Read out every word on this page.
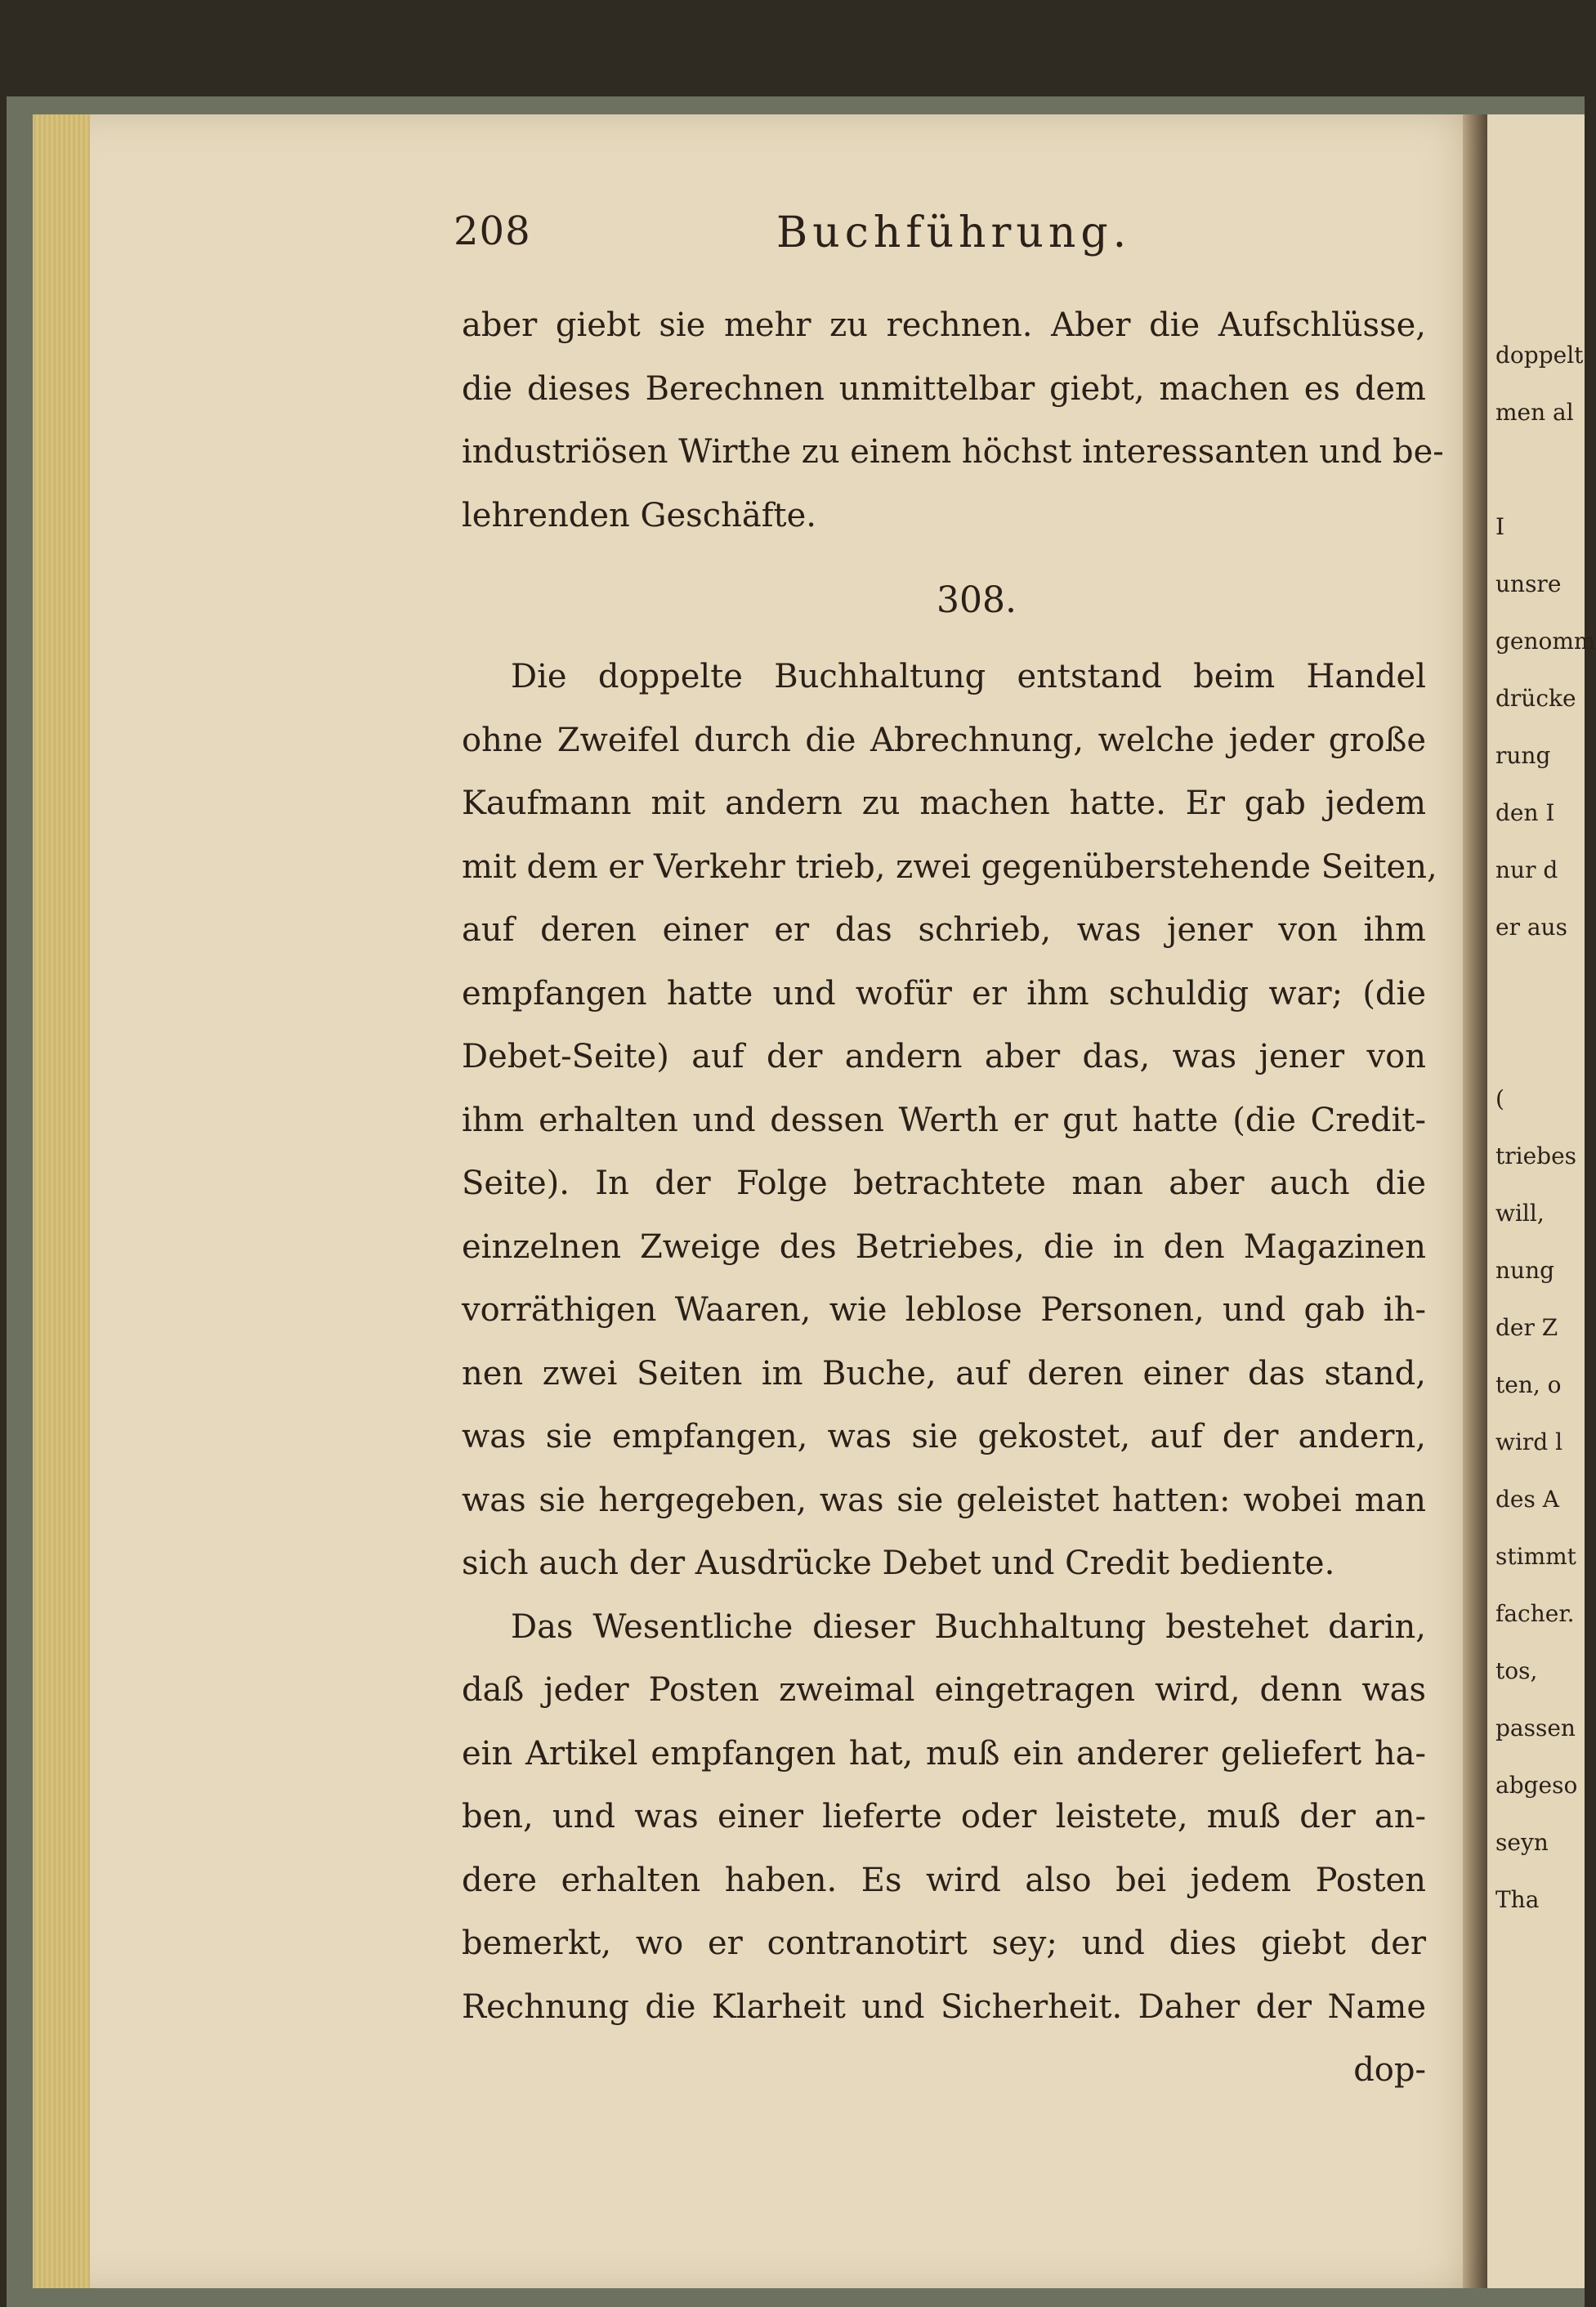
doppelt
men al
I
unsre
genomm
drücke
rung
den I
nur d
er aus
(
triebes
will,
nung
der Z
ten, o
wird l
des A
stimmt
facher.
tos,
passen
abgeso
seyn
Tha
208	Buchführung.
aber giebt sie mehr zu rechnen. Aber die Aufschlüsse,
die dieses Berechnen unmittelbar giebt, machen es dem
industriösen Wirthe zu einem höchst interessanten und be-
lehrenden Geschäfte.
308.
Die doppelte Buchhaltung entstand beim Handel
ohne Zweifel durch die Abrechnung, welche jeder große
Kaufmann mit andern zu machen hatte. Er gab jedem
mit dem er Verkehr trieb, zwei gegenüberstehende Seiten,
auf deren einer er das schrieb, was jener von ihm
empfangen hatte und wofür er ihm schuldig war; (die
Debet-Seite) auf der andern aber das, was jener von
ihm erhalten und dessen Werth er gut hatte (die Credit-
Seite). In der Folge betrachtete man aber auch die
einzelnen Zweige des Betriebes, die in den Magazinen
vorräthigen Waaren, wie leblose Personen, und gab ih-
nen zwei Seiten im Buche, auf deren einer das stand,
was sie empfangen, was sie gekostet, auf der andern,
was sie hergegeben, was sie geleistet hatten: wobei man
sich auch der Ausdrücke Debet und Credit bediente.
Das Wesentliche dieser Buchhaltung bestehet darin,
daß jeder Posten zweimal eingetragen wird, denn was
ein Artikel empfangen hat, muß ein anderer geliefert ha-
ben, und was einer lieferte oder leistete, muß der an-
dere erhalten haben. Es wird also bei jedem Posten
bemerkt, wo er contranotirt sey; und dies giebt der
Rechnung die Klarheit und Sicherheit. Daher der Name
dop-
